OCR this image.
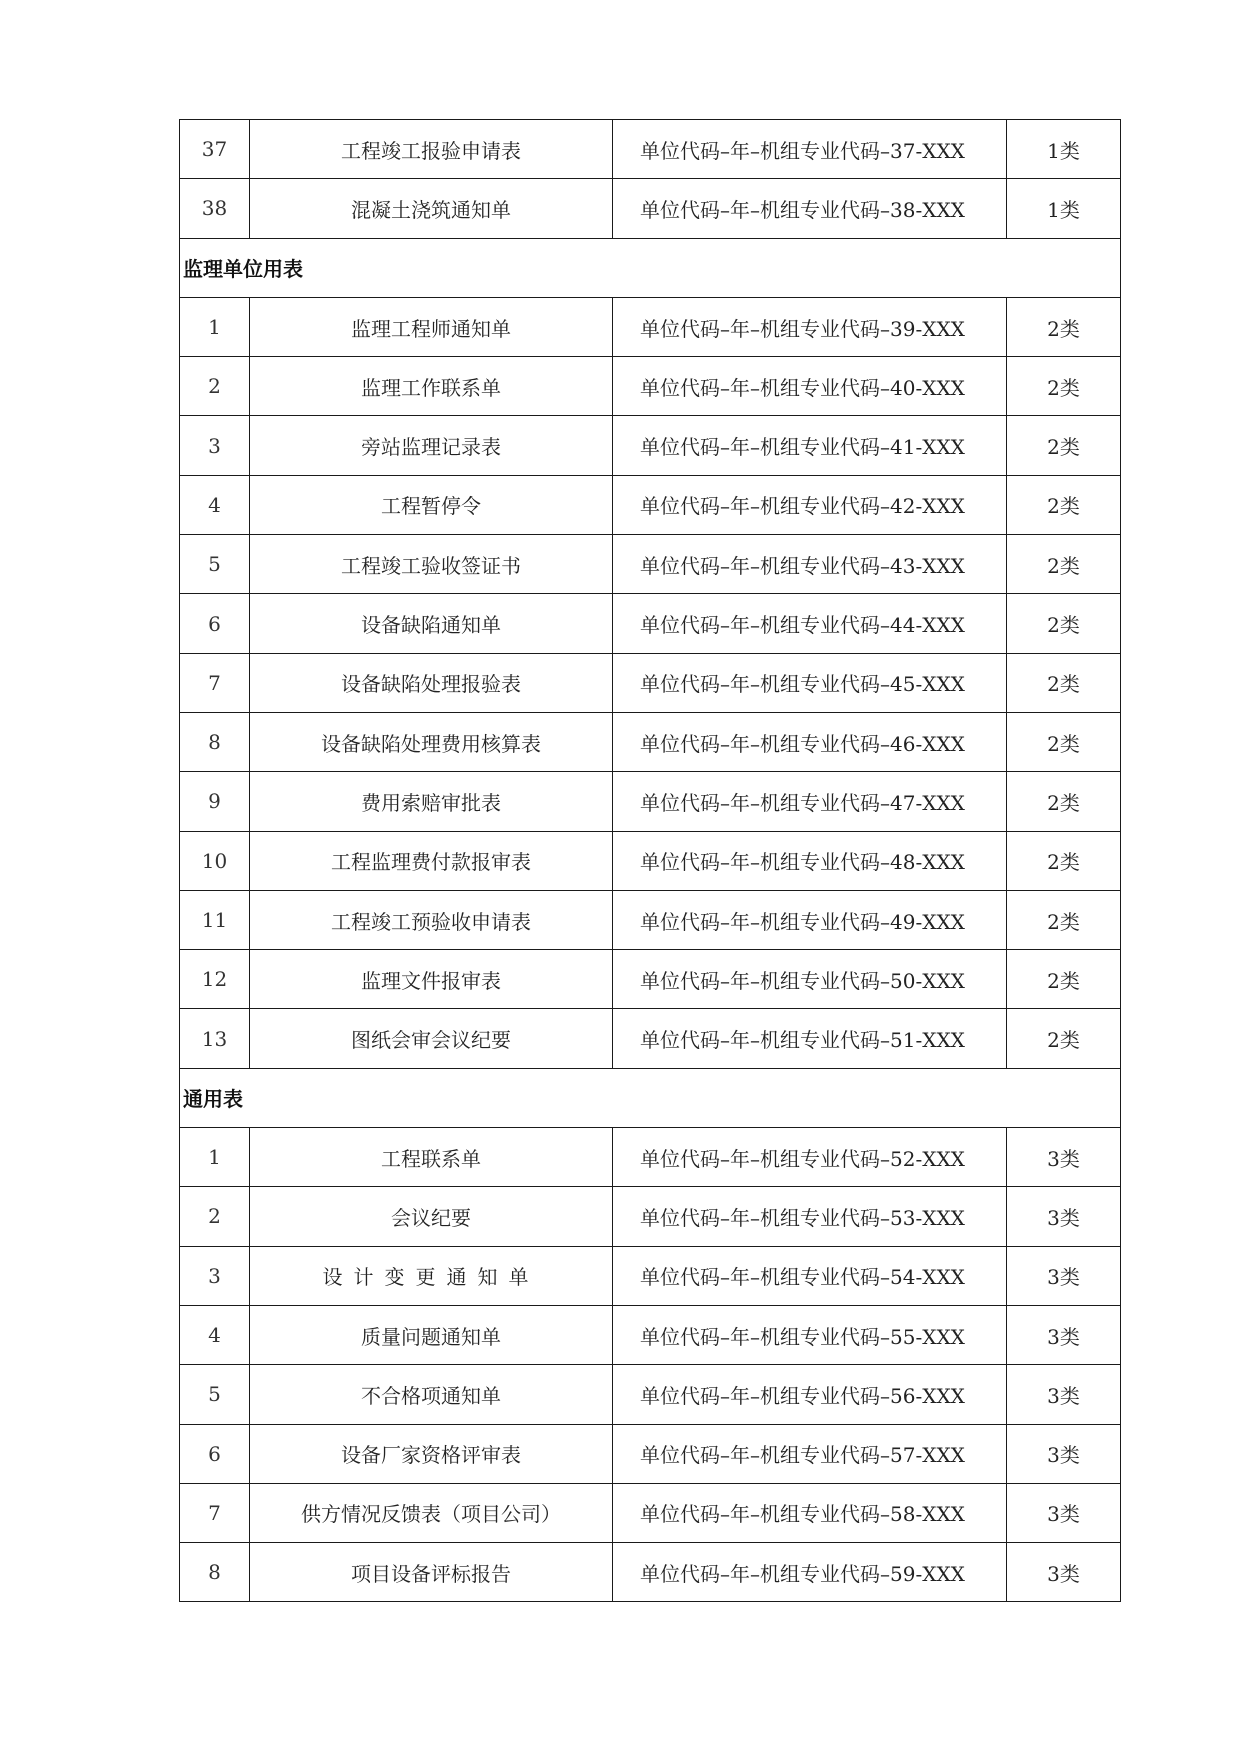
37	工程竣工报验申请表	单位代码–年–机组专业代码–37-XXX	1类
38	混凝土浇筑通知单	单位代码–年–机组专业代码–38-XXX	1类
监理单位用表			
1	监理工程师通知单	单位代码–年–机组专业代码–39-XXX	2类
2	监理工作联系单	单位代码–年–机组专业代码–40-XXX	2类
3	旁站监理记录表	单位代码–年–机组专业代码–41-XXX	2类
4	工程暂停令	单位代码–年–机组专业代码–42-XXX	2类
5	工程竣工验收签证书	单位代码–年–机组专业代码–43-XXX	2类
6	设备缺陷通知单	单位代码–年–机组专业代码–44-XXX	2类
7	设备缺陷处理报验表	单位代码–年–机组专业代码–45-XXX	2类
8	设备缺陷处理费用核算表	单位代码–年–机组专业代码–46-XXX	2类
9	费用索赔审批表	单位代码–年–机组专业代码–47-XXX	2类
10	工程监理费付款报审表	单位代码–年–机组专业代码–48-XXX	2类
11	工程竣工预验收申请表	单位代码–年–机组专业代码–49-XXX	2类
12	监理文件报审表	单位代码–年–机组专业代码–50-XXX	2类
13	图纸会审会议纪要	单位代码–年–机组专业代码–51-XXX	2类
通用表			
1	工程联系单	单位代码–年–机组专业代码–52-XXX	3类
2	会议纪要	单位代码–年–机组专业代码–53-XXX	3类
3	设计变更通知单	单位代码–年–机组专业代码–54-XXX	3类
4	质量问题通知单	单位代码–年–机组专业代码–55-XXX	3类
5	不合格项通知单	单位代码–年–机组专业代码–56-XXX	3类
6	设备厂家资格评审表	单位代码–年–机组专业代码–57-XXX	3类
7	供方情况反馈表（项目公司）	单位代码–年–机组专业代码–58-XXX	3类
8	项目设备评标报告	单位代码–年–机组专业代码–59-XXX	3类
